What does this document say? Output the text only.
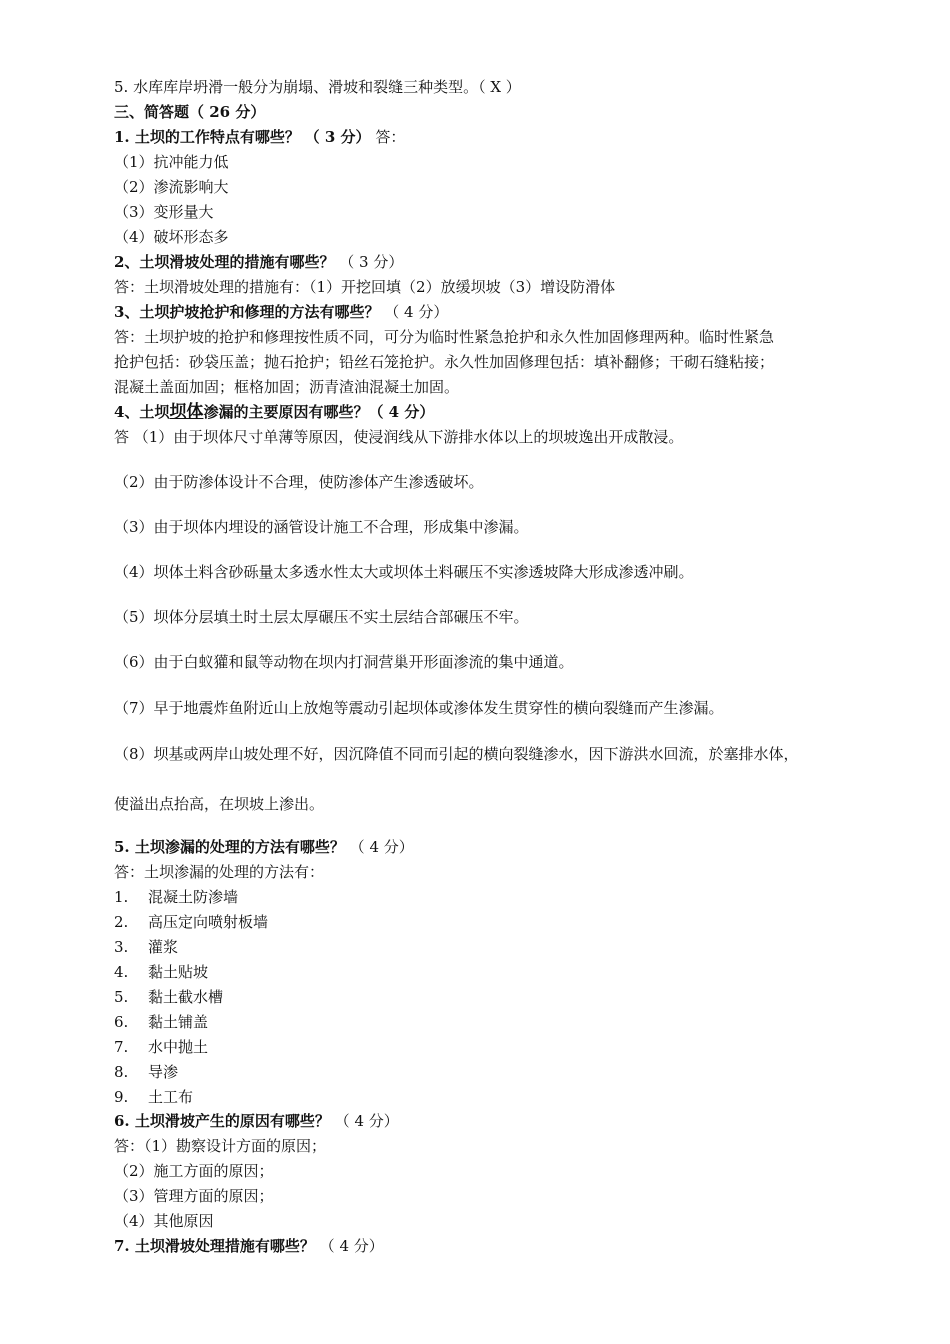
5. 水库库岸坍滑一般分为崩塌、滑坡和裂缝三种类型。（ X ）
三、简答题（ 26 分）
1. 土坝的工作特点有哪些？ （ 3 分） 答：
（1）抗冲能力低
（2）渗流影响大
（3）变形量大
（4）破坏形态多
2、土坝滑坡处理的措施有哪些？ （ 3 分）
答：土坝滑坡处理的措施有：（1）开挖回填（2）放缓坝坡（3）增设防滑体
3、土坝护坡抢护和修理的方法有哪些？ （ 4 分）
答：土坝护坡的抢护和修理按性质不同，可分为临时性紧急抢护和永久性加固修理两种。临时性紧急
抢护包括：砂袋压盖；抛石抢护；铅丝石笼抢护。永久性加固修理包括：填补翻修；干砌石缝粘接；
混凝土盖面加固；框格加固；沥青渣油混凝土加固。
4、土坝坝体渗漏的主要原因有哪些？（ 4 分）
答 （1）由于坝体尺寸单薄等原因，使浸润线从下游排水体以上的坝坡逸出开成散浸。
（2）由于防渗体设计不合理，使防渗体产生渗透破坏。
（3）由于坝体内埋设的涵管设计施工不合理，形成集中渗漏。
（4）坝体土料含砂砾量太多透水性太大或坝体土料碾压不实渗透坡降大形成渗透冲刷。
（5）坝体分层填土时土层太厚碾压不实土层结合部碾压不牢。
（6）由于白蚁獾和鼠等动物在坝内打洞营巢开形面渗流的集中通道。
（7）早于地震炸鱼附近山上放炮等震动引起坝体或渗体发生贯穿性的横向裂缝而产生渗漏。
（8）坝基或两岸山坡处理不好，因沉降值不同而引起的横向裂缝渗水，因下游洪水回流，於塞排水体，
使溢出点抬高，在坝坡上渗出。
5. 土坝渗漏的处理的方法有哪些？ （ 4 分）
答：土坝渗漏的处理的方法有：
1. 混凝土防渗墙
2. 高压定向喷射板墙
3. 灌浆
4. 黏土贴坡
5. 黏土截水槽
6. 黏土铺盖
7. 水中抛土
8. 导渗
9. 土工布
6. 土坝滑坡产生的原因有哪些？ （ 4 分）
答：（1）勘察设计方面的原因；
（2）施工方面的原因；
（3）管理方面的原因；
（4）其他原因
7. 土坝滑坡处理措施有哪些？ （ 4 分）
